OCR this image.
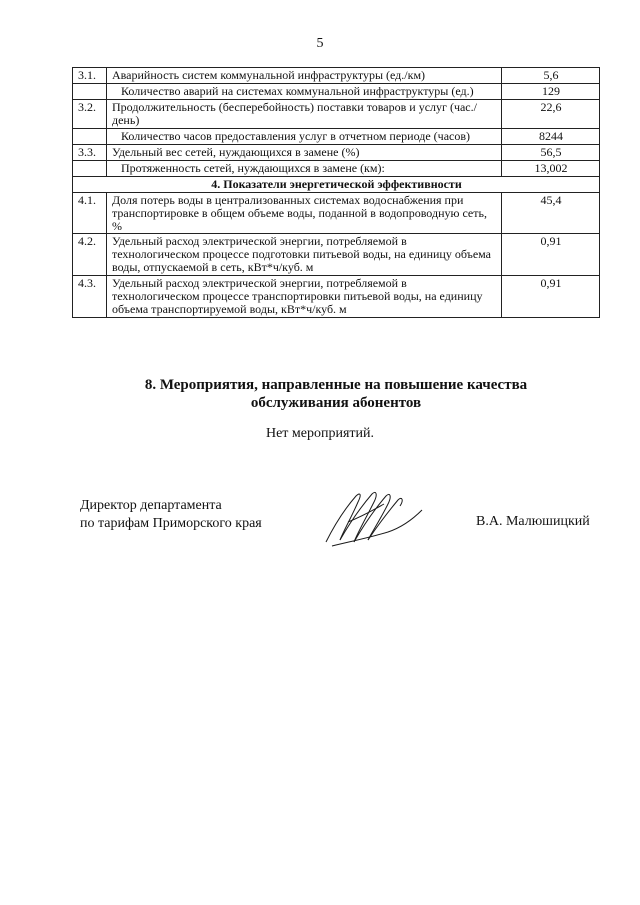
5
3.1.	Аварийность систем коммунальной инфраструктуры (ед./км)	5,6
	Количество аварий на системах коммунальной инфраструктуры (ед.)	129
3.2.	Продолжительность (бесперебойность) поставки товаров и услуг (час./день)	22,6
	Количество часов предоставления услуг в отчетном периоде (часов)	8244
3.3.	Удельный вес сетей, нуждающихся в замене (%)	56,5
	Протяженность сетей, нуждающихся в замене (км):	13,002
4. Показатели энергетической эффективности		
4.1.	Доля потерь воды в централизованных системах водоснабжения при транспортировке в общем объеме воды, поданной в водопроводную сеть, %	45,4
4.2.	Удельный расход электрической энергии, потребляемой в технологическом процессе подготовки питьевой воды, на единицу объема воды, отпускаемой в сеть, кВт*ч/куб. м	0,91
4.3.	Удельный расход электрической энергии, потребляемой в технологическом процессе транспортировки питьевой воды, на единицу объема транспортируемой воды, кВт*ч/куб. м	0,91
8. Мероприятия, направленные на повышение качества
обслуживания абонентов
Нет мероприятий.
Директор департамента
по тарифам Приморского края	В.А. Малюшицкий
